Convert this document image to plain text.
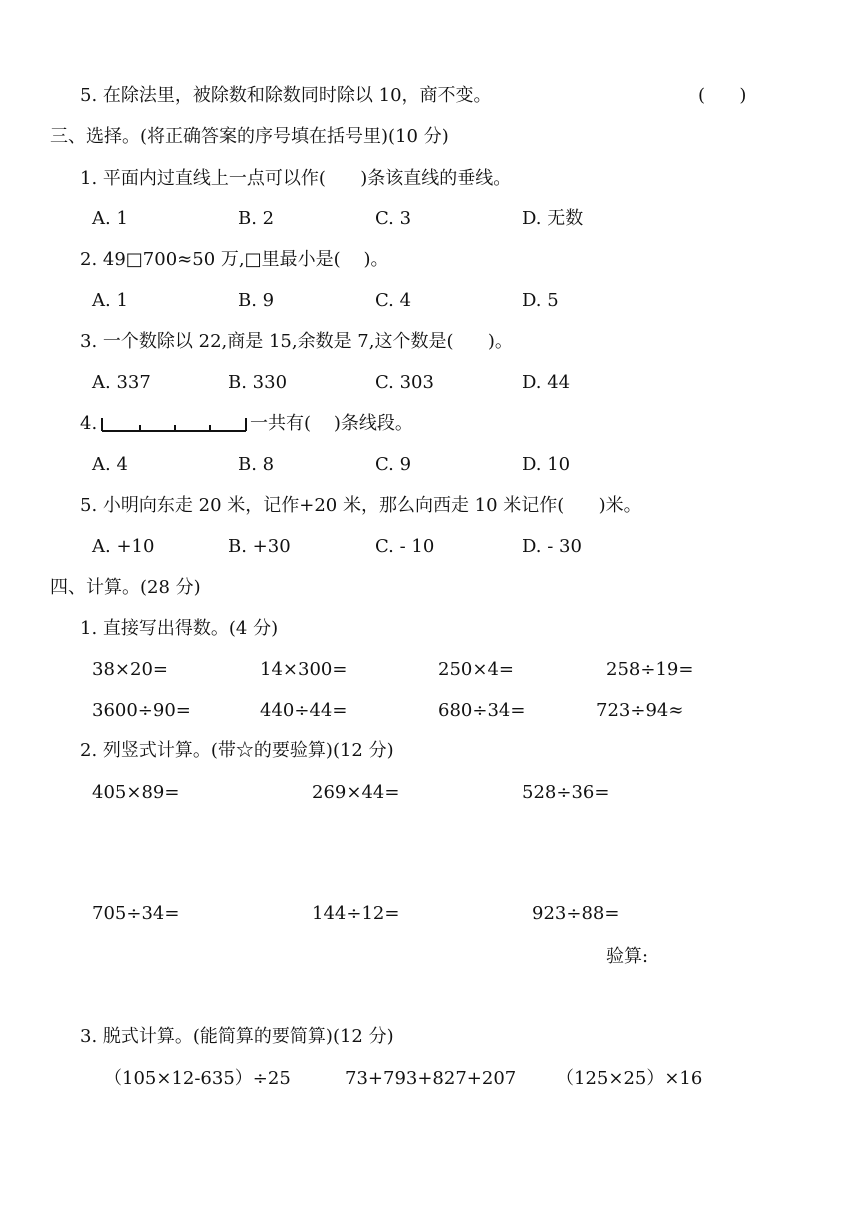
5. 在除法里，被除数和除数同时除以 10，商不变。	(      )
三、选择。(将正确答案的序号填在括号里)(10 分)
1. 平面内过直线上一点可以作(      )条该直线的垂线。
A. 1	B. 2	C. 3	D. 无数
2. 49□700≈50 万,□里最小是(    )。
A. 1	B. 9	C. 4	D. 5
3. 一个数除以 22,商是 15,余数是 7,这个数是(      )。
A. 337	B. 330	C. 303	D. 44
4.	一共有(    )条线段。
A. 4	B. 8	C. 9	D. 10
5. 小明向东走 20 米，记作+20 米，那么向西走 10 米记作(      )米。
A. +10	B. +30	C. - 10	D. - 30
四、计算。(28 分)
1. 直接写出得数。(4 分)
38×20=	14×300=	250×4=	258÷19=
3600÷90=	440÷44=	680÷34=	723÷94≈
2. 列竖式计算。(带☆的要验算)(12 分)
405×89=	269×44=	528÷36=
705÷34=	144÷12=	923÷88=
验算:
3. 脱式计算。(能简算的要简算)(12 分)
（105×12-635）÷25	73+793+827+207 （125×25）×16
